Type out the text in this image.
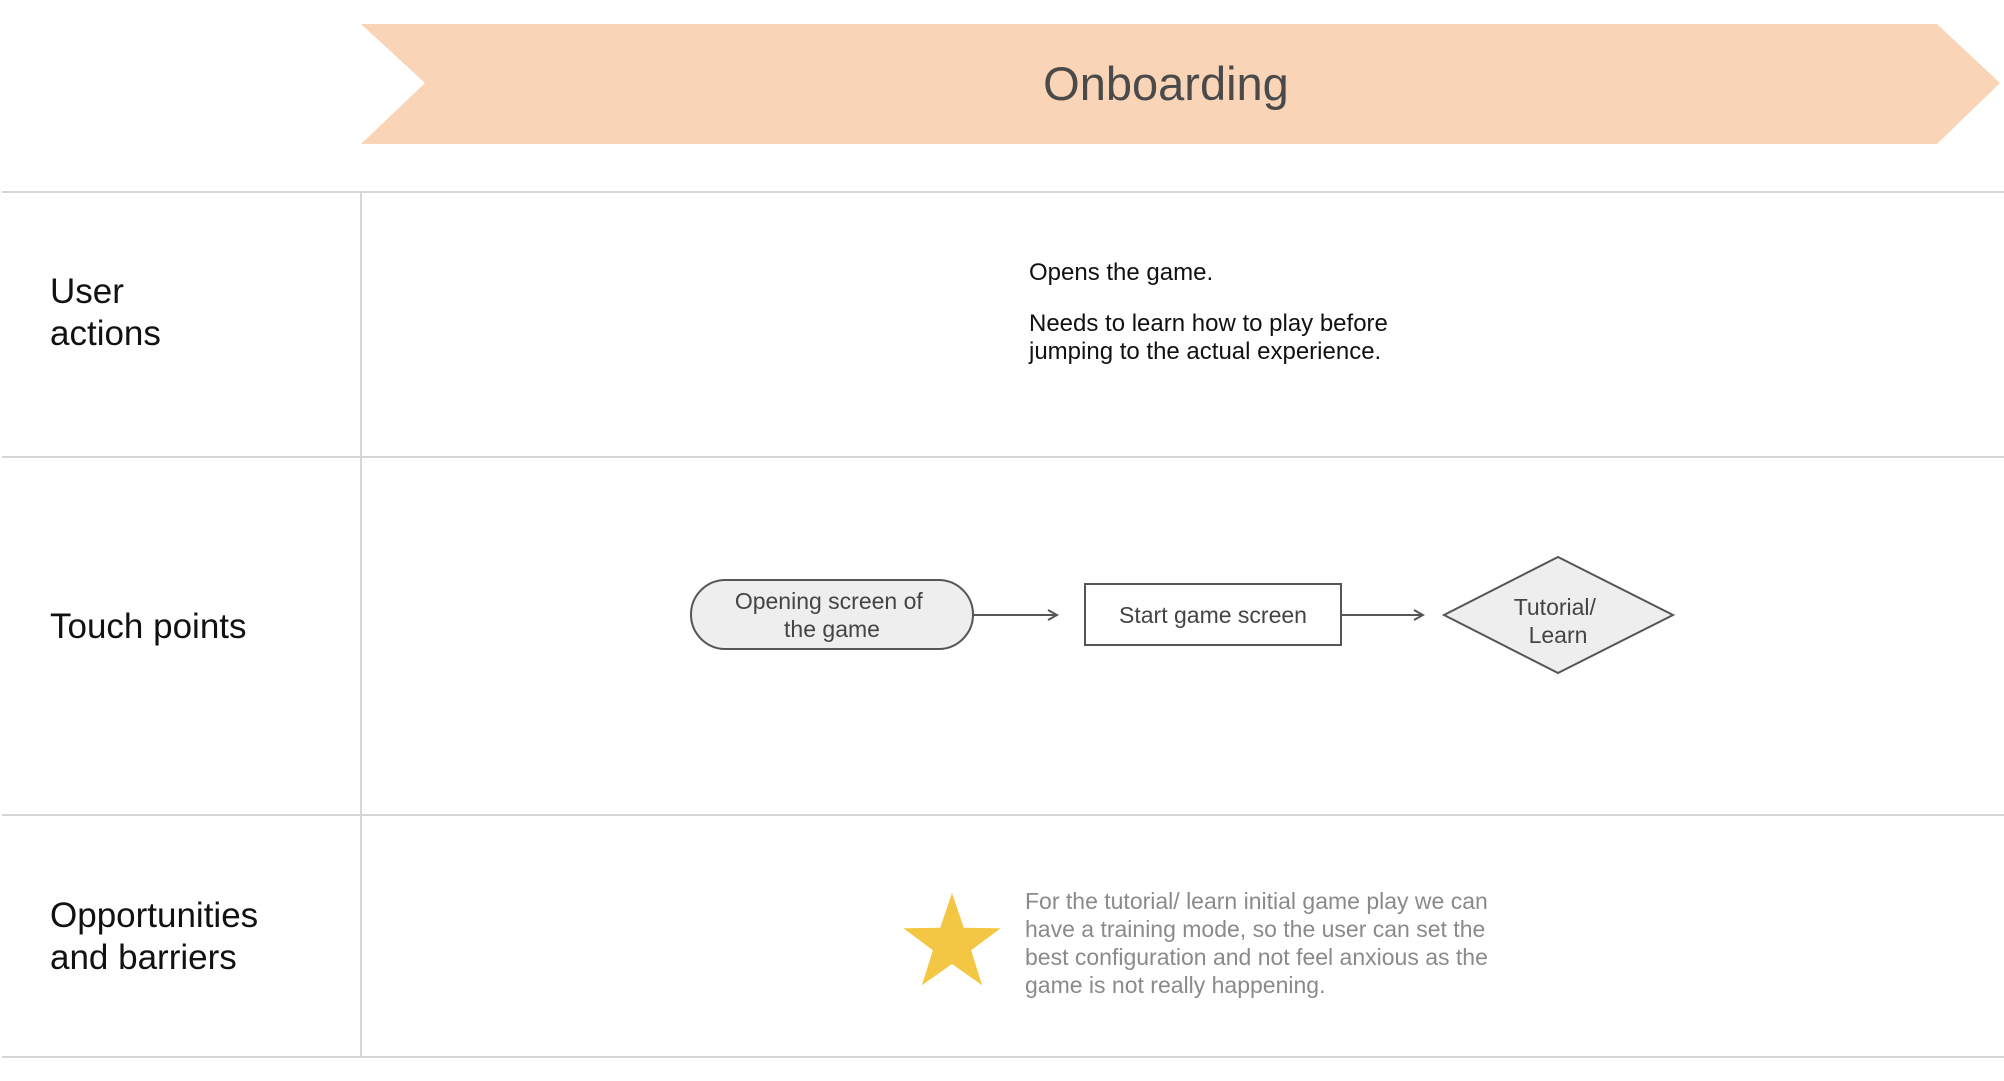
Onboarding
User actions
Touch points
Opportunities and barriers
Opens the game. Needs to learn how to play before jumping to the actual experience.
Opening screen of the game
Start game screen	Tutorial/ Learn
For the tutorial/ learn initial game play we can have a training mode, so the user can set the best configuration and not feel anxious as the game is not really happening.
